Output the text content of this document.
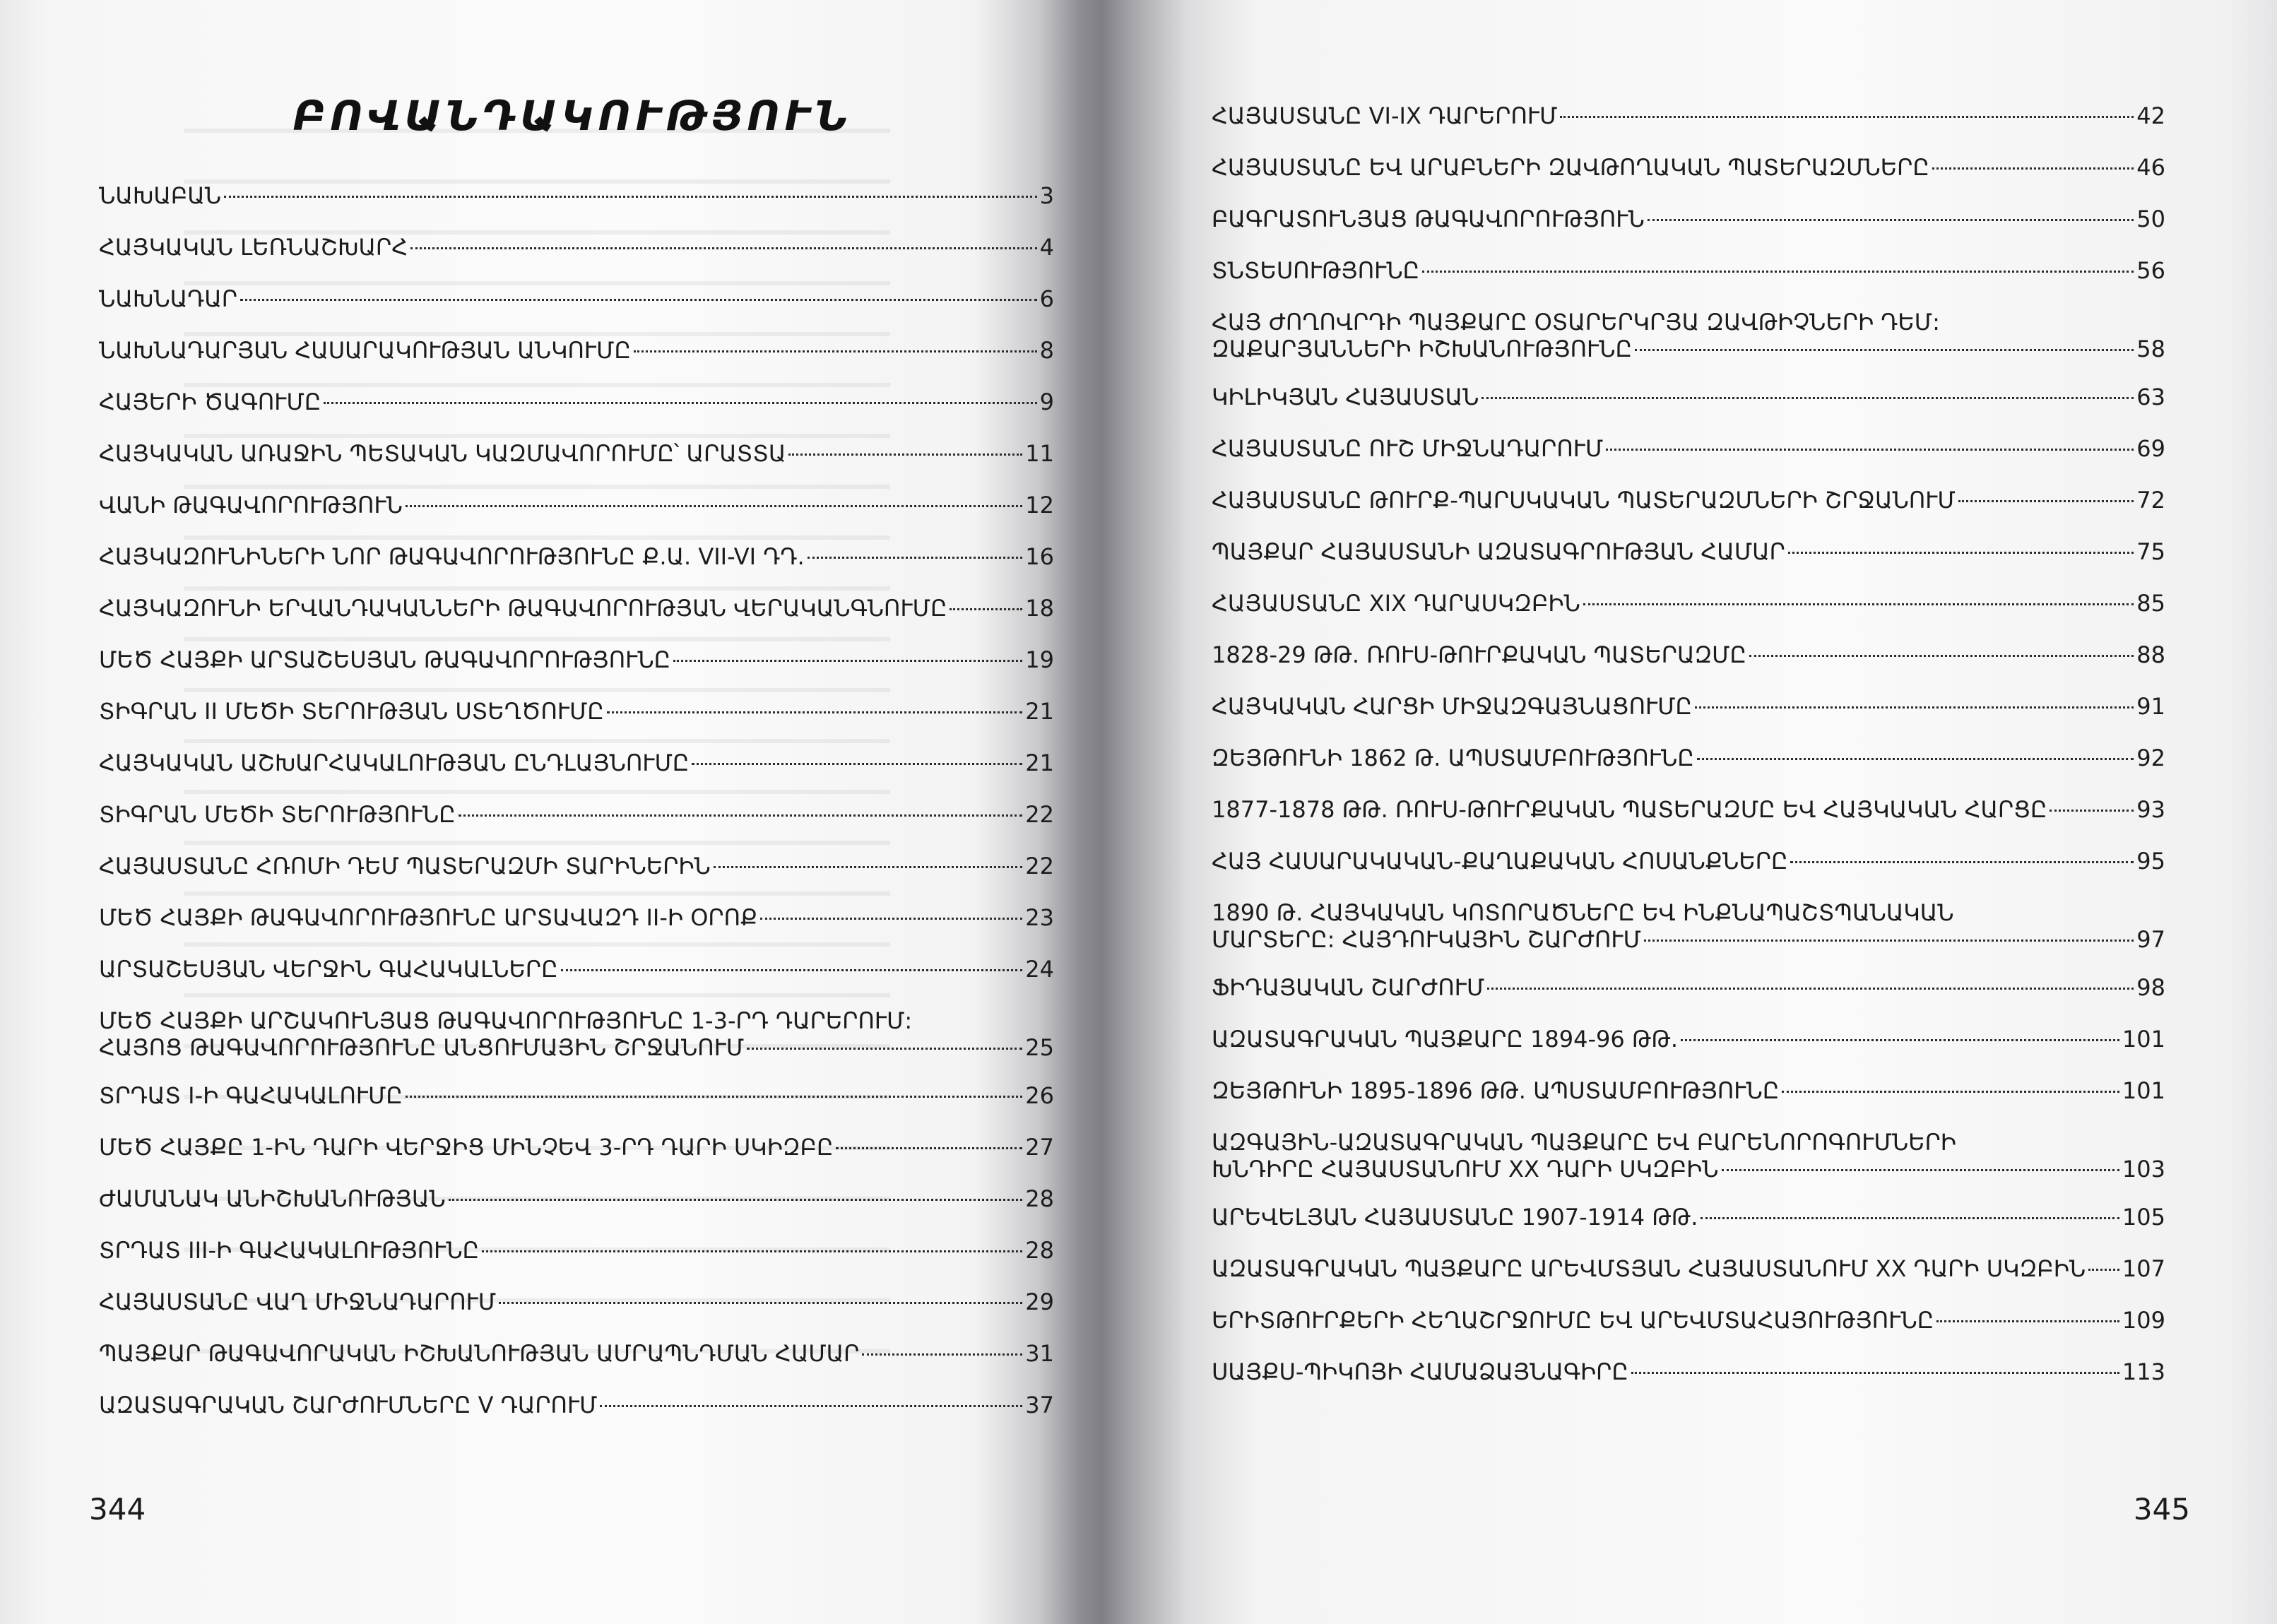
ԲՈՎԱՆԴԱԿՈՒԹՅՈՒՆ
ՆԱԽԱԲԱՆ	3
ՀԱՅԿԱԿԱՆ ԼԵՌՆԱՇԽԱՐՀ	4
ՆԱԽՆԱԴԱՐ	6
ՆԱԽՆԱԴԱՐՅԱՆ ՀԱՍԱՐԱԿՈՒԹՅԱՆ ԱՆԿՈՒՄԸ	8
ՀԱՅԵՐԻ ԾԱԳՈՒՄԸ	9
ՀԱՅԿԱԿԱՆ ԱՌԱՋԻՆ ՊԵՏԱԿԱՆ ԿԱԶՄԱՎՈՐՈՒՄԸ՝ ԱՐԱՏՏԱ	11
ՎԱՆԻ ԹԱԳԱՎՈՐՈՒԹՅՈՒՆ	12
ՀԱՅԿԱԶՈՒՆԻՆԵՐԻ ՆՈՐ ԹԱԳԱՎՈՐՈՒԹՅՈՒՆԸ Ք.Ա. VII-VI ԴԴ.	16
ՀԱՅԿԱԶՈՒՆԻ ԵՐՎԱՆԴԱԿԱՆՆԵՐԻ ԹԱԳԱՎՈՐՈՒԹՅԱՆ ՎԵՐԱԿԱՆԳՆՈՒՄԸ	18
ՄԵԾ ՀԱՅՔԻ ԱՐՏԱՇԵՍՅԱՆ ԹԱԳԱՎՈՐՈՒԹՅՈՒՆԸ	19
ՏԻԳՐԱՆ II ՄԵԾԻ ՏԵՐՈՒԹՅԱՆ ՍՏԵՂԾՈՒՄԸ	21
ՀԱՅԿԱԿԱՆ ԱՇԽԱՐՀԱԿԱԼՈՒԹՅԱՆ ԸՆԴԼԱՅՆՈՒՄԸ	21
ՏԻԳՐԱՆ ՄԵԾԻ ՏԵՐՈՒԹՅՈՒՆԸ	22
ՀԱՅԱՍՏԱՆԸ ՀՌՈՄԻ ԴԵՄ ՊԱՏԵՐԱԶՄԻ ՏԱՐԻՆԵՐԻՆ	22
ՄԵԾ ՀԱՅՔԻ ԹԱԳԱՎՈՐՈՒԹՅՈՒՆԸ ԱՐՏԱՎԱԶԴ II-Ի ՕՐՈՔ	23
ԱՐՏԱՇԵՍՅԱՆ ՎԵՐՋԻՆ ԳԱՀԱԿԱԼՆԵՐԸ	24
ՄԵԾ ՀԱՅՔԻ ԱՐՇԱԿՈՒՆՅԱՑ ԹԱԳԱՎՈՐՈՒԹՅՈՒՆԸ 1-3-ՐԴ ԴԱՐԵՐՈՒՄ:
ՀԱՅՈՑ ԹԱԳԱՎՈՐՈՒԹՅՈՒՆԸ ԱՆՑՈՒՄԱՅԻՆ ՇՐՋԱՆՈՒՄ	25
ՏՐԴԱՏ I-Ի ԳԱՀԱԿԱԼՈՒՄԸ	26
ՄԵԾ ՀԱՅՔԸ 1-ԻՆ ԴԱՐԻ ՎԵՐՋԻՑ ՄԻՆՉԵՎ 3-ՐԴ ԴԱՐԻ ՍԿԻԶԲԸ	27
ԺԱՄԱՆԱԿ ԱՆԻՇԽԱՆՈՒԹՅԱՆ	28
ՏՐԴԱՏ III-Ի ԳԱՀԱԿԱԼՈՒԹՅՈՒՆԸ	28
ՀԱՅԱՍՏԱՆԸ ՎԱՂ ՄԻՋՆԱԴԱՐՈՒՄ	29
ՊԱՅՔԱՐ ԹԱԳԱՎՈՐԱԿԱՆ ԻՇԽԱՆՈՒԹՅԱՆ ԱՄՐԱՊՆԴՄԱՆ ՀԱՄԱՐ	31
ԱԶԱՏԱԳՐԱԿԱՆ ՇԱՐԺՈՒՄՆԵՐԸ V ԴԱՐՈՒՄ	37
344
ՀԱՅԱՍՏԱՆԸ VI-IX ԴԱՐԵՐՈՒՄ	42
ՀԱՅԱՍՏԱՆԸ ԵՎ ԱՐԱԲՆԵՐԻ ԶԱՎԹՈՂԱԿԱՆ ՊԱՏԵՐԱԶՄՆԵՐԸ	46
ԲԱԳՐԱՏՈՒՆՅԱՑ ԹԱԳԱՎՈՐՈՒԹՅՈՒՆ	50
ՏՆՏԵՍՈՒԹՅՈՒՆԸ	56
ՀԱՅ ԺՈՂՈՎՐԴԻ ՊԱՅՔԱՐԸ ՕՏԱՐԵՐԿՐՅԱ ԶԱՎԹԻՉՆԵՐԻ ԴԵՄ:
ԶԱՔԱՐՅԱՆՆԵՐԻ ԻՇԽԱՆՈՒԹՅՈՒՆԸ	58
ԿԻԼԻԿՅԱՆ ՀԱՅԱՍՏԱՆ	63
ՀԱՅԱՍՏԱՆԸ ՈՒՇ ՄԻՋՆԱԴԱՐՈՒՄ	69
ՀԱՅԱՍՏԱՆԸ ԹՈՒՐՔ-ՊԱՐՍԿԱԿԱՆ ՊԱՏԵՐԱԶՄՆԵՐԻ ՇՐՋԱՆՈՒՄ	72
ՊԱՅՔԱՐ ՀԱՅԱՍՏԱՆԻ ԱԶԱՏԱԳՐՈՒԹՅԱՆ ՀԱՄԱՐ	75
ՀԱՅԱՍՏԱՆԸ XIX ԴԱՐԱՍԿԶԲԻՆ	85
1828-29 ԹԹ. ՌՈՒՍ-ԹՈՒՐՔԱԿԱՆ ՊԱՏԵՐԱԶՄԸ	88
ՀԱՅԿԱԿԱՆ ՀԱՐՑԻ ՄԻՋԱԶԳԱՅՆԱՑՈՒՄԸ	91
ԶԵՅԹՈՒՆԻ 1862 Թ. ԱՊՍՏԱՄԲՈՒԹՅՈՒՆԸ	92
1877-1878 ԹԹ. ՌՈՒՍ-ԹՈՒՐՔԱԿԱՆ ՊԱՏԵՐԱԶՄԸ ԵՎ ՀԱՅԿԱԿԱՆ ՀԱՐՑԸ	93
ՀԱՅ ՀԱՍԱՐԱԿԱԿԱՆ-ՔԱՂԱՔԱԿԱՆ ՀՈՍԱՆՔՆԵՐԸ	95
1890 Թ. ՀԱՅԿԱԿԱՆ ԿՈՏՈՐԱԾՆԵՐԸ ԵՎ ԻՆՔՆԱՊԱՇՏՊԱՆԱԿԱՆ
ՄԱՐՏԵՐԸ: ՀԱՅԴՈՒԿԱՅԻՆ ՇԱՐԺՈՒՄ	97
ՖԻԴԱՅԱԿԱՆ ՇԱՐԺՈՒՄ	98
ԱԶԱՏԱԳՐԱԿԱՆ ՊԱՅՔԱՐԸ 1894-96 ԹԹ.	101
ԶԵՅԹՈՒՆԻ 1895-1896 ԹԹ. ԱՊՍՏԱՄԲՈՒԹՅՈՒՆԸ	101
ԱԶԳԱՅԻՆ-ԱԶԱՏԱԳՐԱԿԱՆ ՊԱՅՔԱՐԸ ԵՎ ԲԱՐԵՆՈՐՈԳՈՒՄՆԵՐԻ
ԽՆԴԻՐԸ ՀԱՅԱՍՏԱՆՈՒՄ XX ԴԱՐԻ ՍԿԶԲԻՆ	103
ԱՐԵՎԵԼՅԱՆ ՀԱՅԱՍՏԱՆԸ 1907-1914 ԹԹ.	105
ԱԶԱՏԱԳՐԱԿԱՆ ՊԱՅՔԱՐԸ ԱՐԵՎՄՏՅԱՆ ՀԱՅԱՍՏԱՆՈՒՄ XX ԴԱՐԻ ՍԿԶԲԻՆ 107
ԵՐԻՏԹՈՒՐՔԵՐԻ ՀԵՂԱՇՐՋՈՒՄԸ ԵՎ ԱՐԵՎՄՏԱՀԱՅՈՒԹՅՈՒՆԸ	109
ՍԱՅՔՍ-ՊԻԿՈՅԻ ՀԱՄԱՁԱՅՆԱԳԻՐԸ	113
345
